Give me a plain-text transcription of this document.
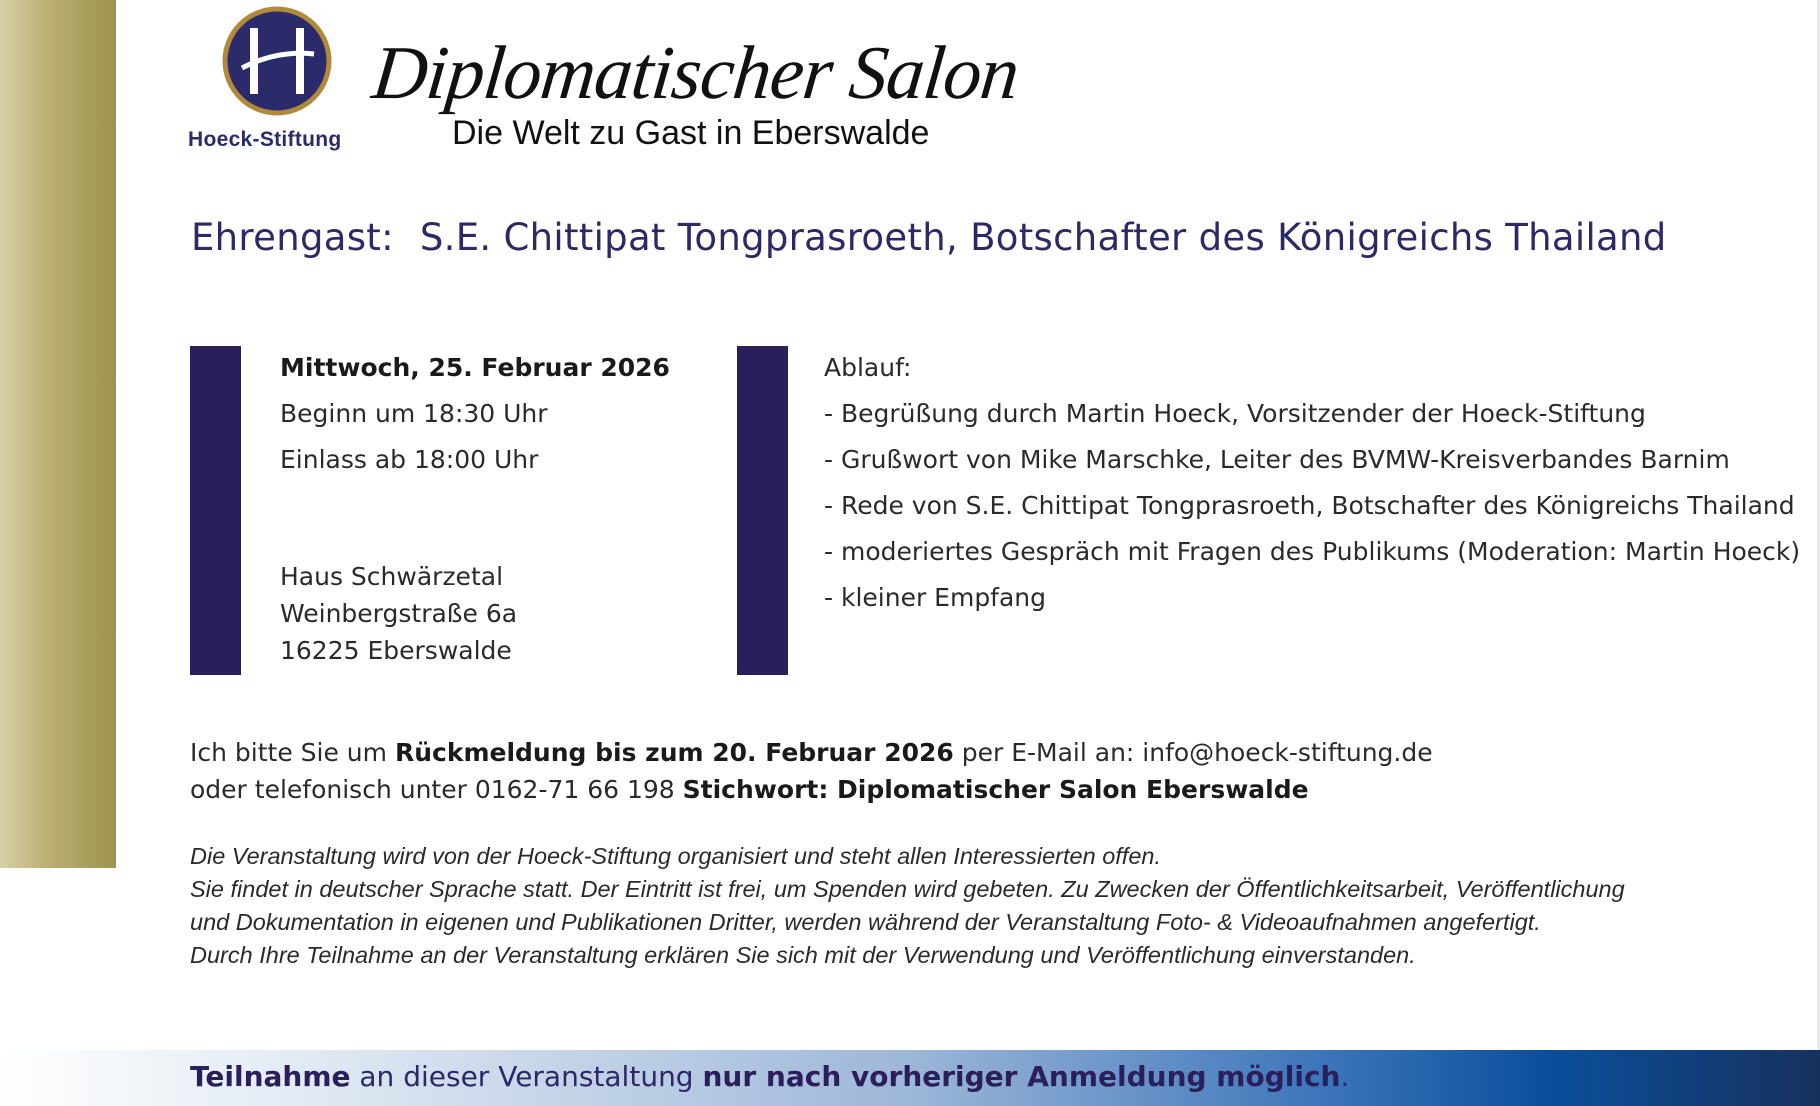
Hoeck-Stiftung
Diplomatischer Salon
Die Welt zu Gast in Eberswalde
Ehrengast: S.E. Chittipat Tongprasroeth, Botschafter des Königreichs Thailand
Mittwoch, 25. Februar 2026
Beginn um 18:30 Uhr
Einlass ab 18:00 Uhr
Haus Schwärzetal
Weinbergstraße 6a
16225 Eberswalde
Ablauf:
- Begrüßung durch Martin Hoeck, Vorsitzender der Hoeck-Stiftung
- Grußwort von Mike Marschke, Leiter des BVMW-Kreisverbandes Barnim
- Rede von S.E. Chittipat Tongprasroeth, Botschafter des Königreichs Thailand
- moderiertes Gespräch mit Fragen des Publikums (Moderation: Martin Hoeck)
- kleiner Empfang
Ich bitte Sie um Rückmeldung bis zum 20. Februar 2026 per E-Mail an: info@hoeck-stiftung.de
oder telefonisch unter 0162-71 66 198 Stichwort: Diplomatischer Salon Eberswalde
Die Veranstaltung wird von der Hoeck-Stiftung organisiert und steht allen Interessierten offen.
Sie findet in deutscher Sprache statt. Der Eintritt ist frei, um Spenden wird gebeten. Zu Zwecken der Öffentlichkeitsarbeit, Veröffentlichung
und Dokumentation in eigenen und Publikationen Dritter, werden während der Veranstaltung Foto- & Videoaufnahmen angefertigt.
Durch Ihre Teilnahme an der Veranstaltung erklären Sie sich mit der Verwendung und Veröffentlichung einverstanden.
Teilnahme an dieser Veranstaltung nur nach vorheriger Anmeldung möglich.
